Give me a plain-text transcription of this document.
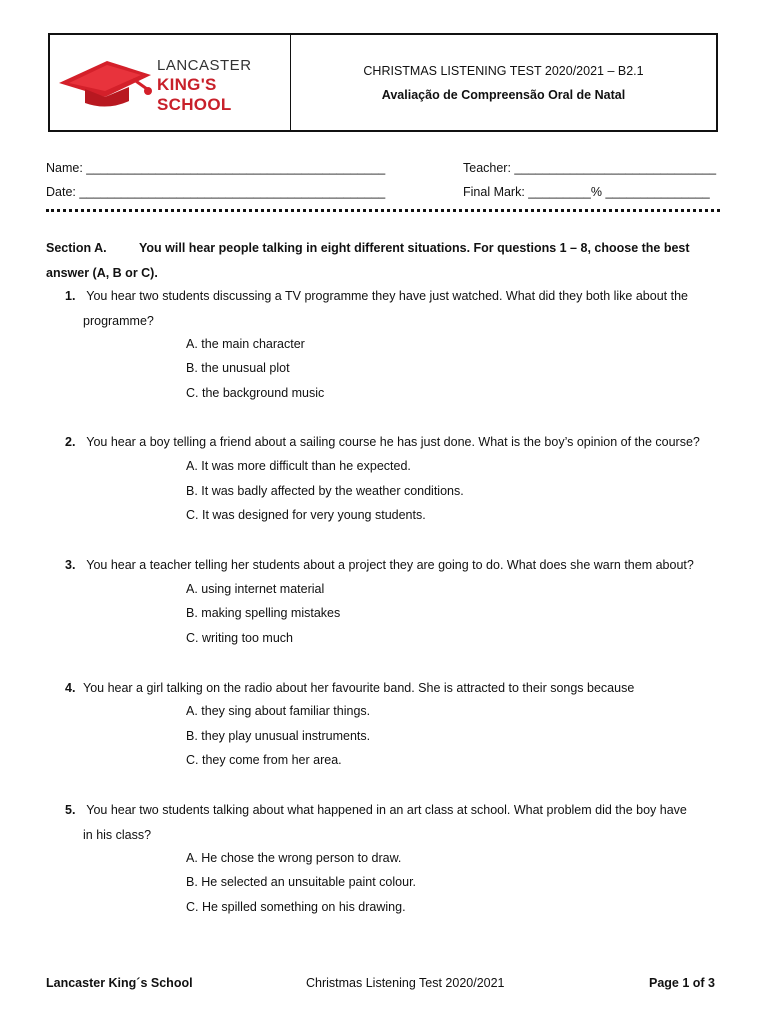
LANCASTER
KING'S SCHOOL
CHRISTMAS LISTENING TEST 2020/2021 – B2.1
Avaliação de Compreensão Oral de Natal
Name: ___________________________________________	Teacher: _____________________________
Date: ____________________________________________	Final Mark: _________% _______________
Section A.	You will hear people talking in eight different situations. For questions 1 – 8, choose the best answer (A, B or C).
1. You hear two students discussing a TV programme they have just watched. What did they both like about the
programme?
A. the main character
B. the unusual plot
C. the background music
2. You hear a boy telling a friend about a sailing course he has just done. What is the boy’s opinion of the course?
A. It was more difficult than he expected.
B. It was badly affected by the weather conditions.
C. It was designed for very young students.
3. You hear a teacher telling her students about a project they are going to do. What does she warn them about?
A. using internet material
B. making spelling mistakes
C. writing too much
4. You hear a girl talking on the radio about her favourite band. She is attracted to their songs because
A. they sing about familiar things.
B. they play unusual instruments.
C. they come from her area.
5. You hear two students talking about what happened in an art class at school. What problem did the boy have
in his class?
A. He chose the wrong person to draw.
B. He selected an unsuitable paint colour.
C. He spilled something on his drawing.
Lancaster King´s School	Christmas Listening Test 2020/2021	Page 1 of 3
